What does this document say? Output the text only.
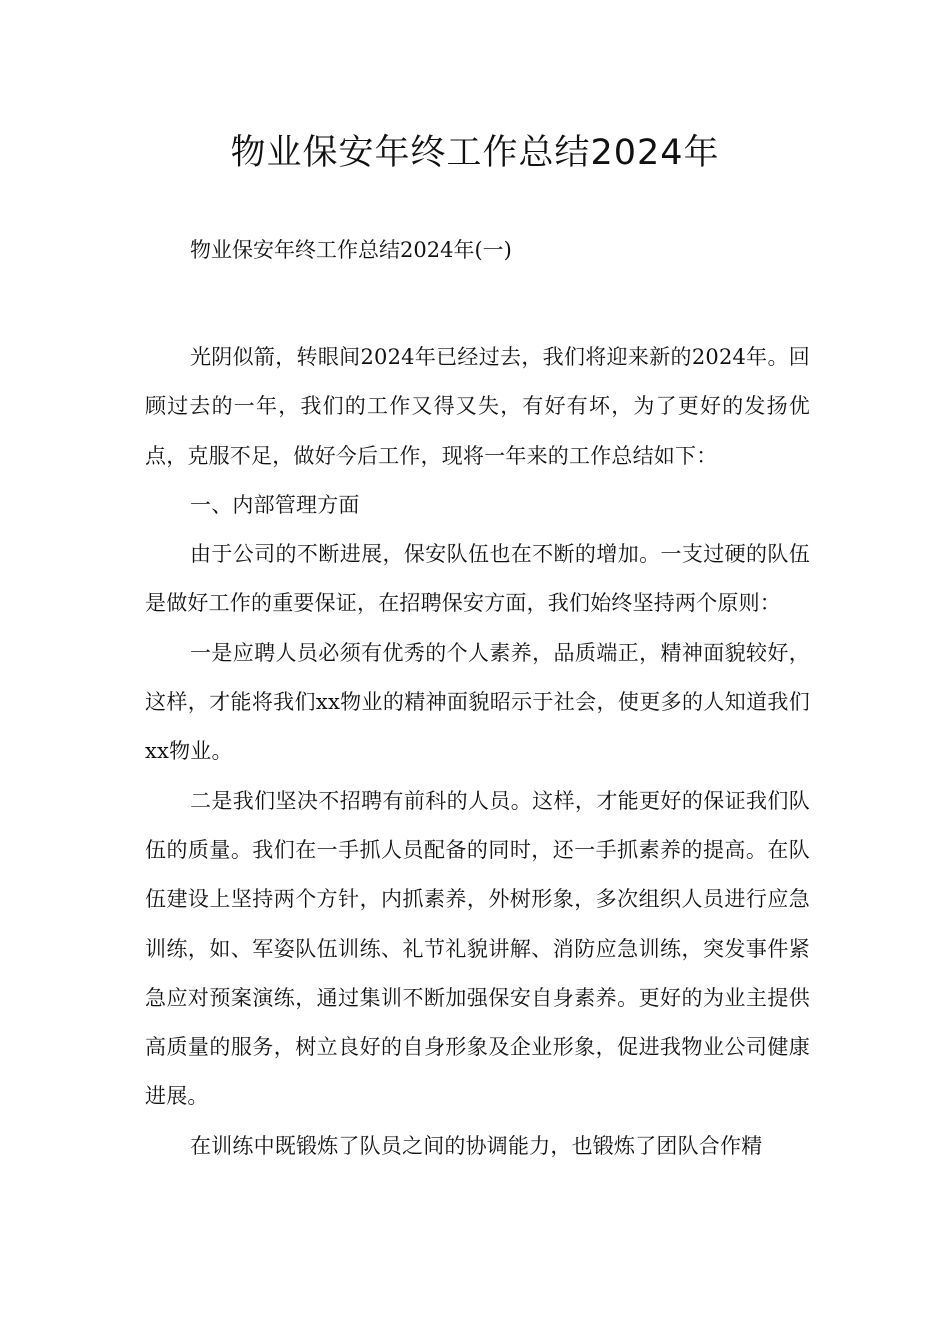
物业保安年终工作总结2024年

物业保安年终工作总结2024年(一)

光阴似箭，转眼间2024年已经过去，我们将迎来新的2024年。回顾过去的一年，我们的工作又得又失，有好有坏，为了更好的发扬优点，克服不足，做好今后工作，现将一年来的工作总结如下：

一、内部管理方面

由于公司的不断进展，保安队伍也在不断的增加。一支过硬的队伍是做好工作的重要保证，在招聘保安方面，我们始终坚持两个原则：

一是应聘人员必须有优秀的个人素养，品质端正，精神面貌较好，这样，才能将我们xx物业的精神面貌昭示于社会，使更多的人知道我们xx物业。

二是我们坚决不招聘有前科的人员。这样，才能更好的保证我们队伍的质量。我们在一手抓人员配备的同时，还一手抓素养的提高。在队伍建设上坚持两个方针，内抓素养，外树形象，多次组织人员进行应急训练，如、军姿队伍训练、礼节礼貌讲解、消防应急训练，突发事件紧急应对预案演练，通过集训不断加强保安自身素养。更好的为业主提供高质量的服务，树立良好的自身形象及企业形象，促进我物业公司健康进展。

在训练中既锻炼了队员之间的协调能力，也锻炼了团队合作精
